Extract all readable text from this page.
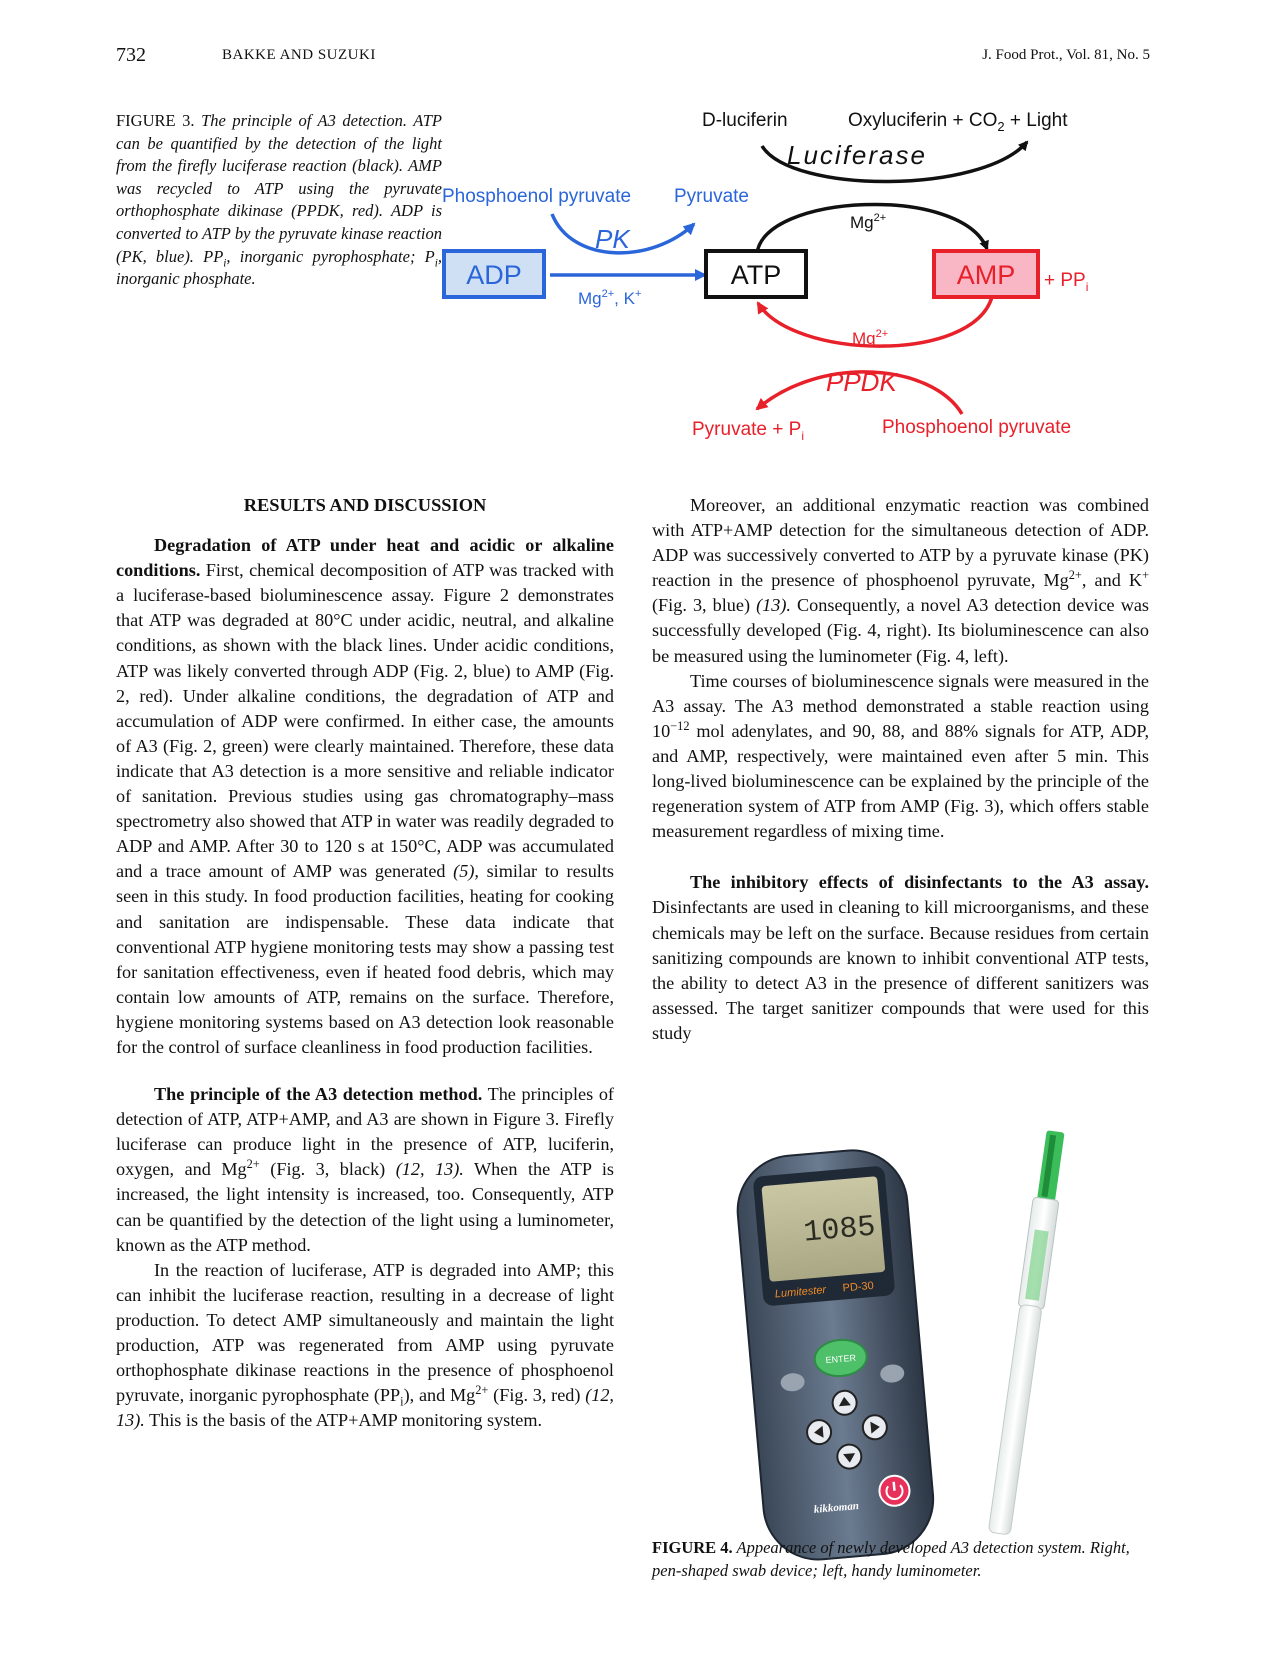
732	BAKKE AND SUZUKI	J. Food Prot., Vol. 81, No. 5
FIGURE 3. The principle of A3 detection. ATP can be quantified by the detection of the light from the firefly luciferase reaction (black). AMP was recycled to ATP using the pyruvate orthophosphate dikinase (PPDK, red). ADP is converted to ATP by the pyruvate kinase reaction (PK, blue). $PP_i$, inorganic pyrophosphate; $P_i$, inorganic phosphate.	ADP	ATP	AMP
D-luciferin	Oxyluciferin + $CO_2$ + Light
Luciferase
Phosphoenol pyruvate Pyruvate
PK
$Mg^{2+}$, K+
$Mg^{2+}$
+ $PP_i$
$Mg^{2+}$
PPDK
Pyruvate + $P_i$	Phosphoenol pyruvate

RESULTS AND DISCUSSION

Degradation of ATP under heat and acidic or alkaline conditions. First, chemical decomposition of ATP was tracked with a luciferase-based bioluminescence assay. Figure 2 demonstrates that ATP was degraded at 80°C under acidic, neutral, and alkaline conditions, as shown with the black lines. Under acidic conditions, ATP was likely converted through ADP (Fig. 2, blue) to AMP (Fig. 2, red). Under alkaline conditions, the degradation of ATP and accumulation of ADP were confirmed. In either case, the amounts of A3 (Fig. 2, green) were clearly maintained. Therefore, these data indicate that A3 detection is a more sensitive and reliable indicator of sanitation. Previous studies using gas chromatography–mass spectrometry also showed that ATP in water was readily degraded to ADP and AMP. After 30 to 120 s at 150°C, ADP was accumulated and a trace amount of AMP was generated (5), similar to results seen in this study. In food production facilities, heating for cooking and sanitation are indispensable. These data indicate that conventional ATP hygiene monitoring tests may show a passing test for sanitation effectiveness, even if heated food debris, which may contain low amounts of ATP, remains on the surface. Therefore, hygiene monitoring systems based on A3 detection look reasonable for the control of surface cleanliness in food production facilities.

The principle of the A3 detection method. The principles of detection of ATP, ATP+AMP, and A3 are shown in Figure 3. Firefly luciferase can produce light in the presence of ATP, luciferin, oxygen, and $Mg^{2+}$ (Fig. 3, black) (12, 13). When the ATP is increased, the light intensity is increased, too. Consequently, ATP can be quantified by the detection of the light using a luminometer, known as the ATP method.

In the reaction of luciferase, ATP is degraded into AMP; this can inhibit the luciferase reaction, resulting in a decrease of light production. To detect AMP simultaneously and maintain the light production, ATP was regenerated from AMP using pyruvate orthophosphate dikinase reactions in the presence of phosphoenol pyruvate, inorganic pyrophosphate $(PP_i)$, and $Mg^{2+}$ (Fig. 3, red) (12, 13). This is the basis of the ATP+AMP monitoring system.

Moreover, an additional enzymatic reaction was combined with ATP+AMP detection for the simultaneous detection of ADP. ADP was successively converted to ATP by a pyruvate kinase (PK) reaction in the presence of phosphoenol pyruvate, $Mg^{2+}$, and K+ (Fig. 3, blue) (13). Consequently, a novel A3 detection device was successfully developed (Fig. 4, right). Its bioluminescence can also be measured using the luminometer (Fig. 4, left).

Time courses of bioluminescence signals were measured in the A3 assay. The A3 method demonstrated a stable reaction using $10^{-12}$ mol adenylates, and 90, 88, and 88% signals for ATP, ADP, and AMP, respectively, were maintained even after 5 min. This long-lived bioluminescence can be explained by the principle of the regeneration system of ATP from AMP (Fig. 3), which offers stable measurement regardless of mixing time.

The inhibitory effects of disinfectants to the A3 assay. Disinfectants are used in cleaning to kill microorganisms, and these chemicals may be left on the surface. Because residues from certain sanitizing compounds are known to inhibit conventional ATP tests, the ability to detect A3 in the presence of different sanitizers was assessed. The target sanitizer compounds that were used for this study

1085
Lumitester PD-30
ENTER
kikkoman
FIGURE 4. Appearance of newly developed A3 detection system. Right, pen-shaped swab device; left, handy luminometer.
